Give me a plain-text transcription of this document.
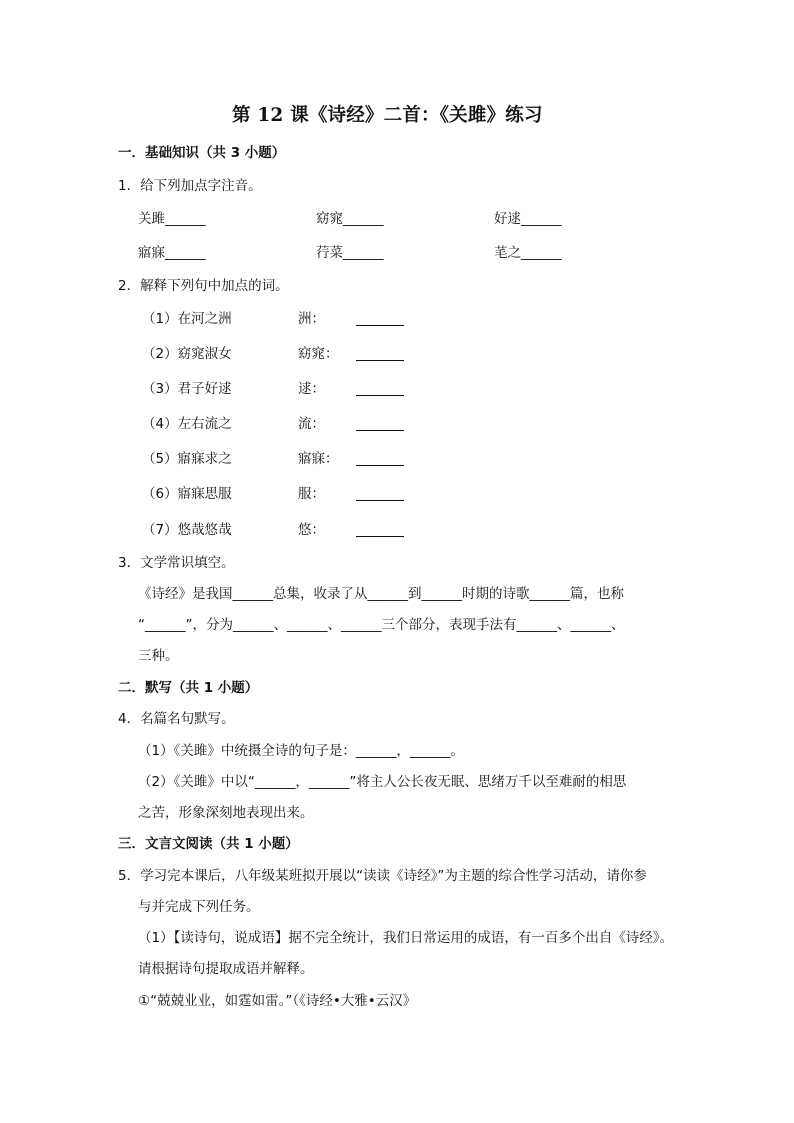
第 12 课《诗经》二首：《关雎》练习
一．基础知识（共 3 小题）
1．给下列加点字注音。
关雎______	窈窕______	好逑______
寤寐______	荇菜______	芼之______
2．解释下列句中加点的词。
（1）在河之洲	洲：
（2）窈窕淑女	窈窕：
（3）君子好逑	逑：
（4）左右流之	流：
（5）寤寐求之	寤寐：
（6）寤寐思服	服：
（7）悠哉悠哉	悠：
3．文学常识填空。
《诗经》是我国______总集，收录了从______到______时期的诗歌______篇，也称
“______”，分为______、______、______三个部分，表现手法有______、______、
三种。
二．默写（共 1 小题）
4．名篇名句默写。
（1）《关雎》中统摄全诗的句子是：______，______。
（2）《关雎》中以“______，______”将主人公长夜无眠、思绪万千以至难耐的相思
之苦，形象深刻地表现出来。
三．文言文阅读（共 1 小题）
5．学习完本课后，八年级某班拟开展以“读读《诗经》”为主题的综合性学习活动，请你参
与并完成下列任务。
（1）【读诗句，说成语】据不完全统计，我们日常运用的成语，有一百多个出自《诗经》。
请根据诗句提取成语并解释。
①“兢兢业业，如霆如雷。”（《诗经•大雅•云汉》
